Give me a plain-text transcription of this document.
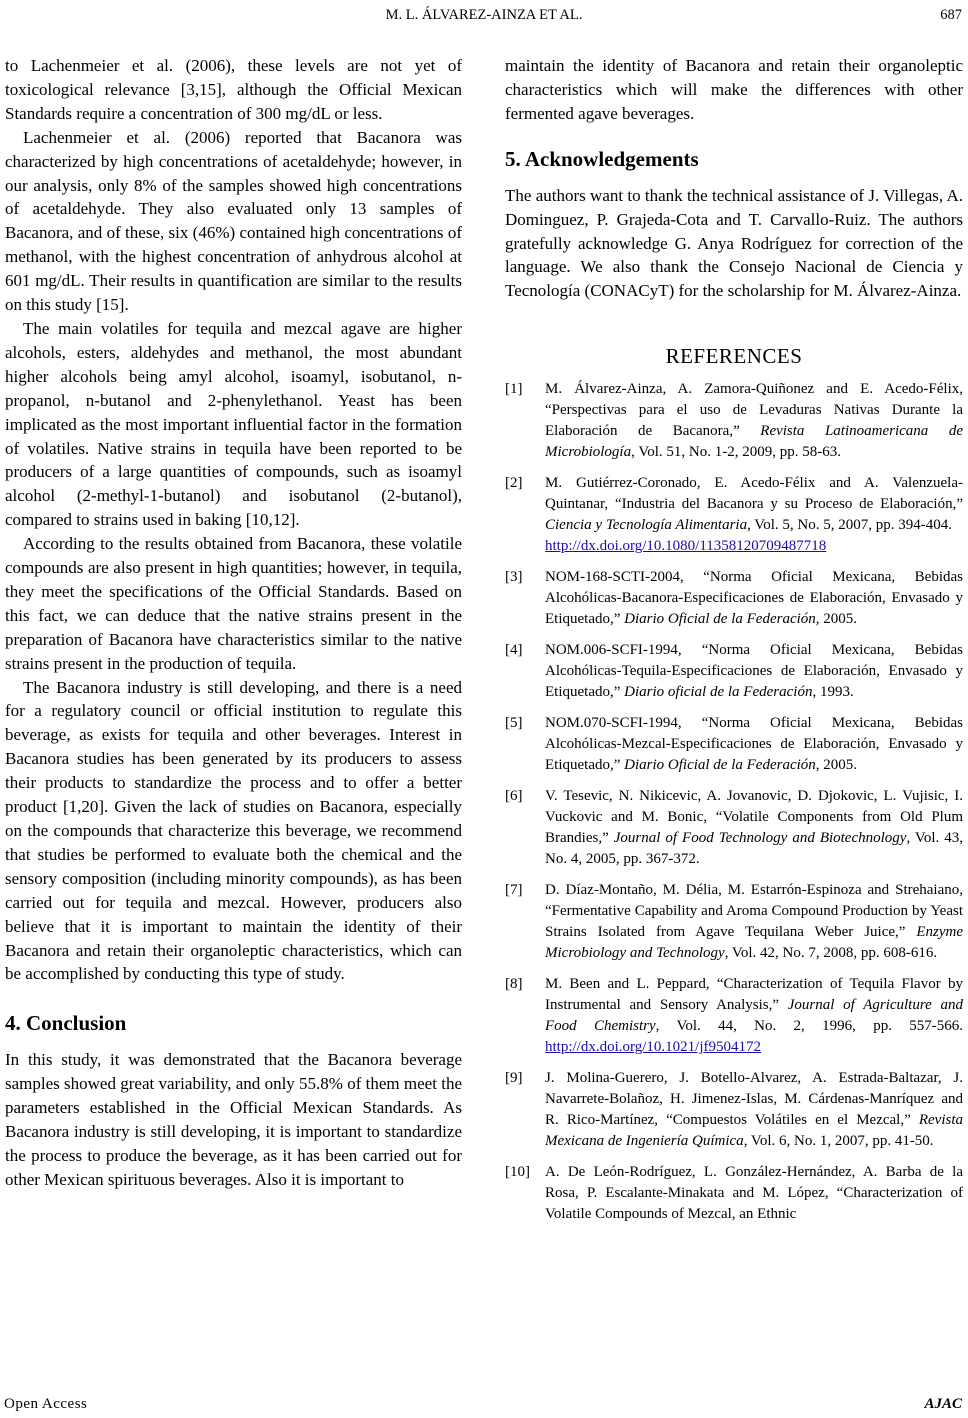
M. L. ÁLVAREZ-AINZA ET AL.	687

to Lachenmeier et al. (2006), these levels are not yet of toxicological relevance [3,15], although the Official Mexican Standards require a concentration of 300 mg/dL or less.

Lachenmeier et al. (2006) reported that Bacanora was characterized by high concentrations of acetaldehyde; however, in our analysis, only 8% of the samples showed high concentrations of acetaldehyde. They also evaluated only 13 samples of Bacanora, and of these, six (46%) contained high concentrations of methanol, with the highest concentration of anhydrous alcohol at 601 mg/dL. Their results in quantification are similar to the results on this study [15].

The main volatiles for tequila and mezcal agave are higher alcohols, esters, aldehydes and methanol, the most abundant higher alcohols being amyl alcohol, isoamyl, isobutanol, n-propanol, n-butanol and 2-phenylethanol. Yeast has been implicated as the most important influential factor in the formation of volatiles. Native strains in tequila have been reported to be producers of a large quantities of compounds, such as isoamyl alcohol (2-methyl-1-butanol) and isobutanol (2-butanol), compared to strains used in baking [10,12].

According to the results obtained from Bacanora, these volatile compounds are also present in high quantities; however, in tequila, they meet the specifications of the Official Standards. Based on this fact, we can deduce that the native strains present in the preparation of Bacanora have characteristics similar to the native strains present in the production of tequila.

The Bacanora industry is still developing, and there is a need for a regulatory council or official institution to regulate this beverage, as exists for tequila and other beverages. Interest in Bacanora studies has been generated by its producers to assess their products to standardize the process and to offer a better product [1,20]. Given the lack of studies on Bacanora, especially on the compounds that characterize this beverage, we recommend that studies be performed to evaluate both the chemical and the sensory composition (including minority compounds), as has been carried out for tequila and mezcal. However, producers also believe that it is important to maintain the identity of their Bacanora and retain their organoleptic characteristics, which can be accomplished by conducting this type of study.

4. Conclusion

In this study, it was demonstrated that the Bacanora beverage samples showed great variability, and only 55.8% of them meet the parameters established in the Official Mexican Standards. As Bacanora industry is still developing, it is important to standardize the process to produce the beverage, as it has been carried out for other Mexican spirituous beverages. Also it is important to

maintain the identity of Bacanora and retain their organoleptic characteristics which will make the differences with other fermented agave beverages.

5. Acknowledgements

The authors want to thank the technical assistance of J. Villegas, A. Dominguez, P. Grajeda-Cota and T. Carvallo-Ruiz. The authors gratefully acknowledge G. Anya Rodríguez for correction of the language. We also thank the Consejo Nacional de Ciencia y Tecnología (CONACyT) for the scholarship for M. Álvarez-Ainza.

REFERENCES
[1] M. Álvarez-Ainza, A. Zamora-Quiñonez and E. Acedo-Félix, “Perspectivas para el uso de Levaduras Nativas Durante la Elaboración de Bacanora,” Revista Latinoamericana de Microbiología, Vol. 51, No. 1-2, 2009, pp. 58-63.
[2] M. Gutiérrez-Coronado, E. Acedo-Félix and A. Valenzuela-Quintanar, “Industria del Bacanora y su Proceso de Elaboración,” Ciencia y Tecnología Alimentaria, Vol. 5, No. 5, 2007, pp. 394-404.
http://dx.doi.org/10.1080/11358120709487718
[3] NOM-168-SCTI-2004, “Norma Oficial Mexicana, Bebidas Alcohólicas-Bacanora-Especificaciones de Elaboración, Envasado y Etiquetado,” Diario Oficial de la Federación, 2005.
[4] NOM.006-SCFI-1994, “Norma Oficial Mexicana, Bebidas Alcohólicas-Tequila-Especificaciones de Elaboración, Envasado y Etiquetado,” Diario oficial de la Federación, 1993.
[5] NOM.070-SCFI-1994, “Norma Oficial Mexicana, Bebidas Alcohólicas-Mezcal-Especificaciones de Elaboración, Envasado y Etiquetado,” Diario Oficial de la Federación, 2005.
[6] V. Tesevic, N. Nikicevic, A. Jovanovic, D. Djokovic, L. Vujisic, I. Vuckovic and M. Bonic, “Volatile Components from Old Plum Brandies,” Journal of Food Technology and Biotechnology, Vol. 43, No. 4, 2005, pp. 367-372.
[7] D. Díaz-Montaño, M. Délia, M. Estarrón-Espinoza and Strehaiano, “Fermentative Capability and Aroma Compound Production by Yeast Strains Isolated from Agave Tequilana Weber Juice,” Enzyme Microbiology and Technology, Vol. 42, No. 7, 2008, pp. 608-616.
[8] M. Been and L. Peppard, “Characterization of Tequila Flavor by Instrumental and Sensory Analysis,” Journal of Agriculture and Food Chemistry, Vol. 44, No. 2, 1996, pp. 557-566. http://dx.doi.org/10.1021/jf9504172
[9] J. Molina-Guerero, J. Botello-Alvarez, A. Estrada-Baltazar, J. Navarrete-Bolañoz, H. Jimenez-Islas, M. Cárdenas-Manríquez and R. Rico-Martínez, “Compuestos Volátiles en el Mezcal,” Revista Mexicana de Ingeniería Química, Vol. 6, No. 1, 2007, pp. 41-50.
[10] A. De León-Rodríguez, L. González-Hernández, A. Barba de la Rosa, P. Escalante-Minakata and M. López, “Characterization of Volatile Compounds of Mezcal, an Ethnic
Open Access	AJAC
